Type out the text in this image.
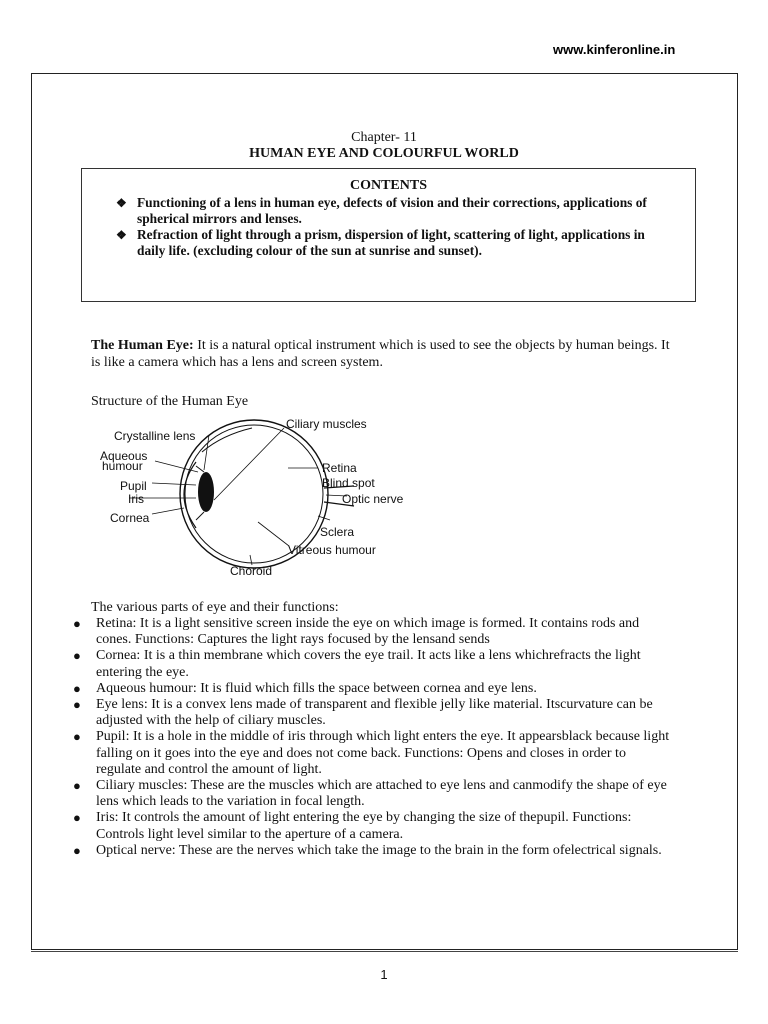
www.kinferonline.in
Chapter- 11
HUMAN EYE AND COLOURFUL WORLD
CONTENTS
❖ Functioning of a lens in human eye, defects of vision and their corrections, applications of spherical mirrors and lenses.
❖ Refraction of light through a prism, dispersion of light, scattering of light, applications in daily life. (excluding colour of the sun at sunrise and sunset).
The Human Eye: It is a natural optical instrument which is used to see the objects by human beings. It is like a camera which has a lens and screen system.
Structure of the Human Eye
Crystalline lens
Aqueous
humour
Pupil
Iris
Cornea
Ciliary muscles
Retina
Blind spot
Optic nerve
Sclera
Vitreous humour
Choroid
The various parts of eye and their functions:
● Retina: It is a light sensitive screen inside the eye on which image is formed. It contains rods and cones. Functions: Captures the light rays focused by the lensand sends
● Cornea: It is a thin membrane which covers the eye trail. It acts like a lens whichrefracts the light entering the eye.
● Aqueous humour: It is fluid which fills the space between cornea and eye lens.
● Eye lens: It is a convex lens made of transparent and flexible jelly like material. Itscurvature can be adjusted with the help of ciliary muscles.
● Pupil: It is a hole in the middle of iris through which light enters the eye. It appearsblack because light falling on it goes into the eye and does not come back. Functions: Opens and closes in order to regulate and control the amount of light.
● Ciliary muscles: These are the muscles which are attached to eye lens and canmodify the shape of eye lens which leads to the variation in focal length.
● Iris: It controls the amount of light entering the eye by changing the size of thepupil. Functions: Controls light level similar to the aperture of a camera.
● Optical nerve: These are the nerves which take the image to the brain in the form ofelectrical signals.
1
